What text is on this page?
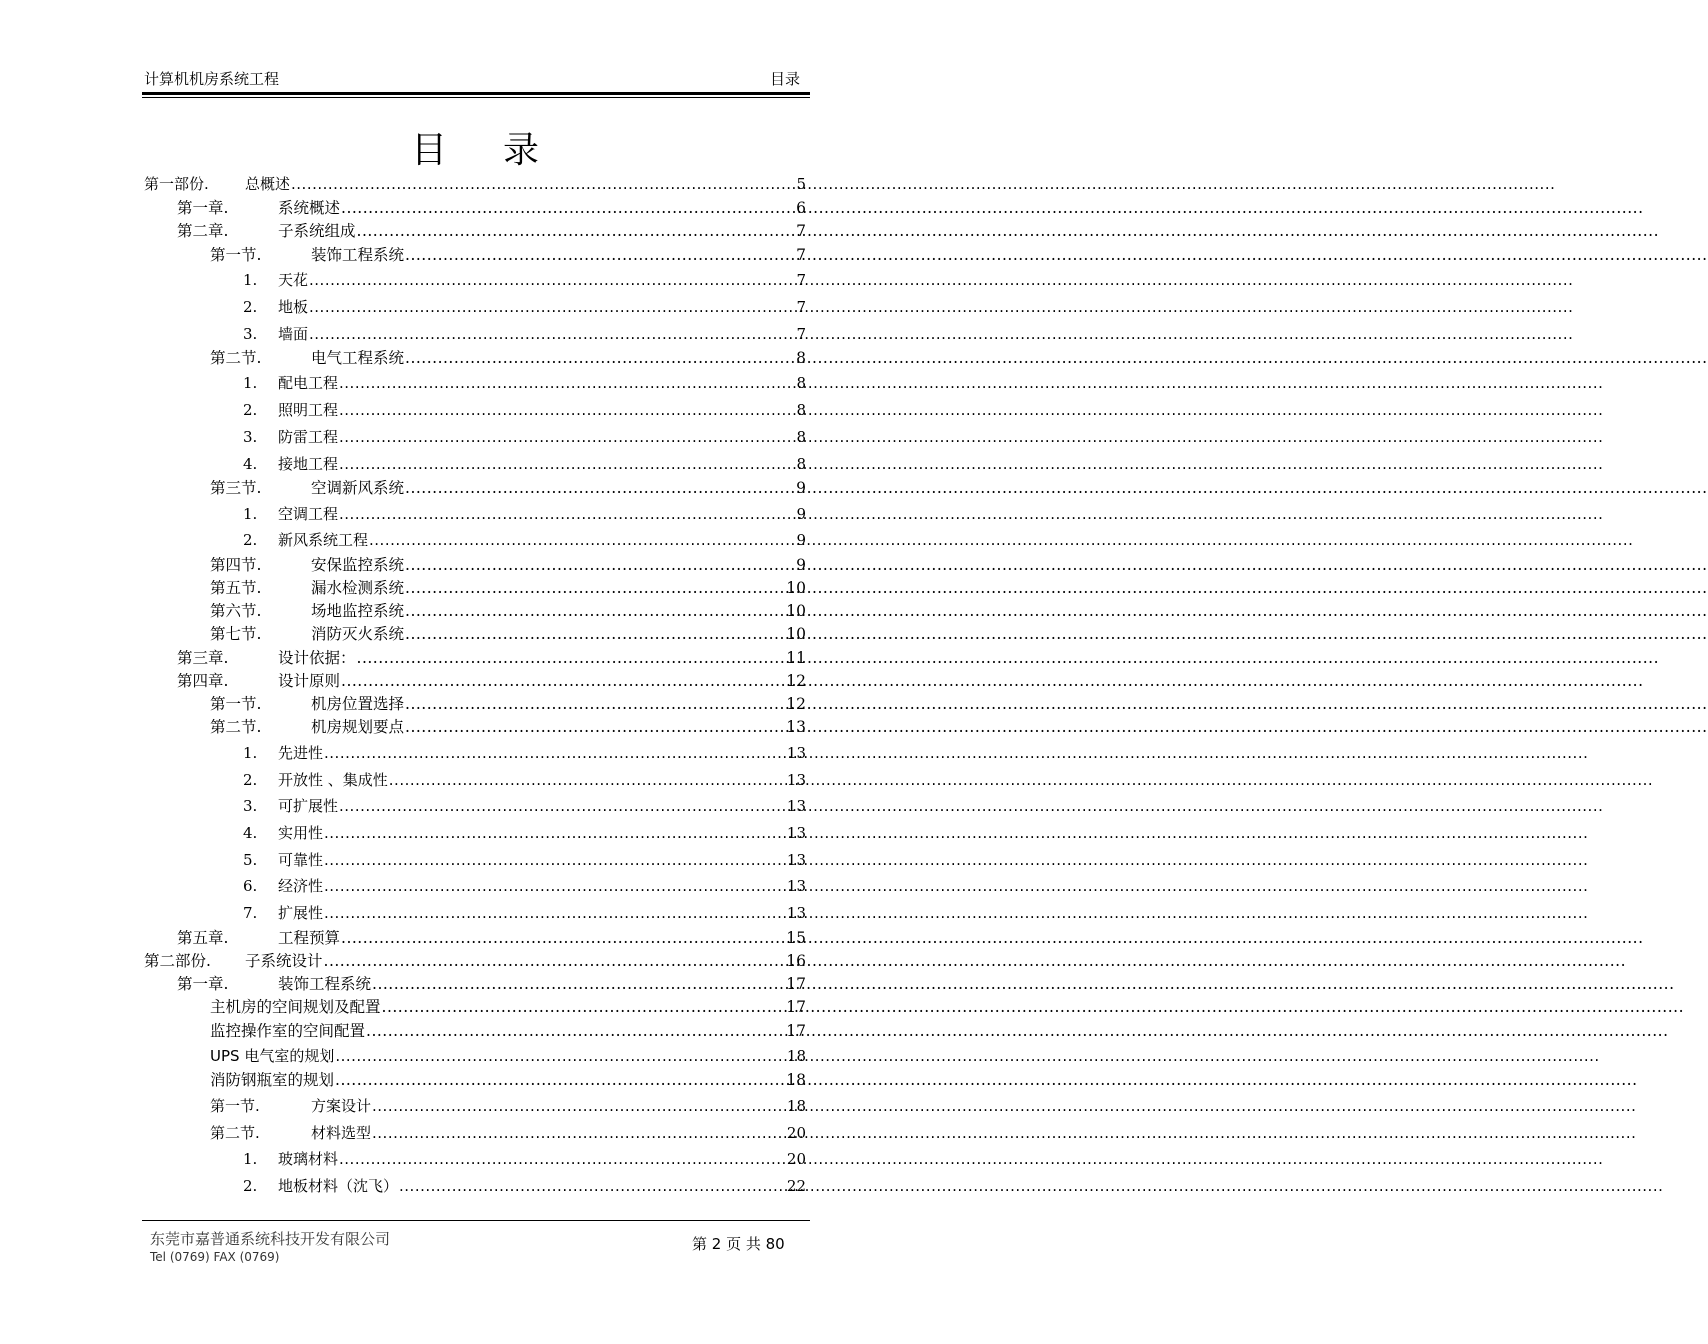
计算机机房系统工程	目录
目录
第一部份.	总概述 .....	5
第一章.	系统概述 .....	6
第二章.	子系统组成 .....	7
第一节.	装饰工程系统 .....	7
1.	天花 .....	7
2.	地板 .....	7
3.	墙面 .....	7
第二节.	电气工程系统 .....	8
1.	配电工程 .....	8
2.	照明工程 .....	8
3.	防雷工程 .....	8
4.	接地工程 .....	8
第三节.	空调新风系统 .....	9
1.	空调工程 .....	9
2.	新风系统工程 .....	9
第四节.	安保监控系统 .....	9
第五节.	漏水检测系统 .....	10
第六节.	场地监控系统 .....	10
第七节.	消防灭火系统 .....	10
第三章.	设计依据： .....	11
第四章.	设计原则 .....	12
第一节.	机房位置选择 .....	12
第二节.	机房规划要点 .....	13
1.	先进性 .....	13
2.	开放性 、集成性 .....	13
3.	可扩展性 .....	13
4.	实用性 .....	13
5.	可靠性 .....	13
6.	经济性 .....	13
7.	扩展性 .....	13
第五章.	工程预算 .....	15
第二部份.	子系统设计 .....	16
第一章.	装饰工程系统 .....	17
主机房的空间规划及配置 .....	17
监控操作室的空间配置 .....	17
UPS 电气室的规划 .....	18
消防钢瓶室的规划 .....	18
第一节.	方案设计 .....	18
第二节.	材料选型 .....	20
1.	玻璃材料 .....	20
2.	地板材料（沈飞） .....	22
东莞市嘉普通系统科技开发有限公司
Tel (0769) FAX (0769)
第 2 页 共 80
